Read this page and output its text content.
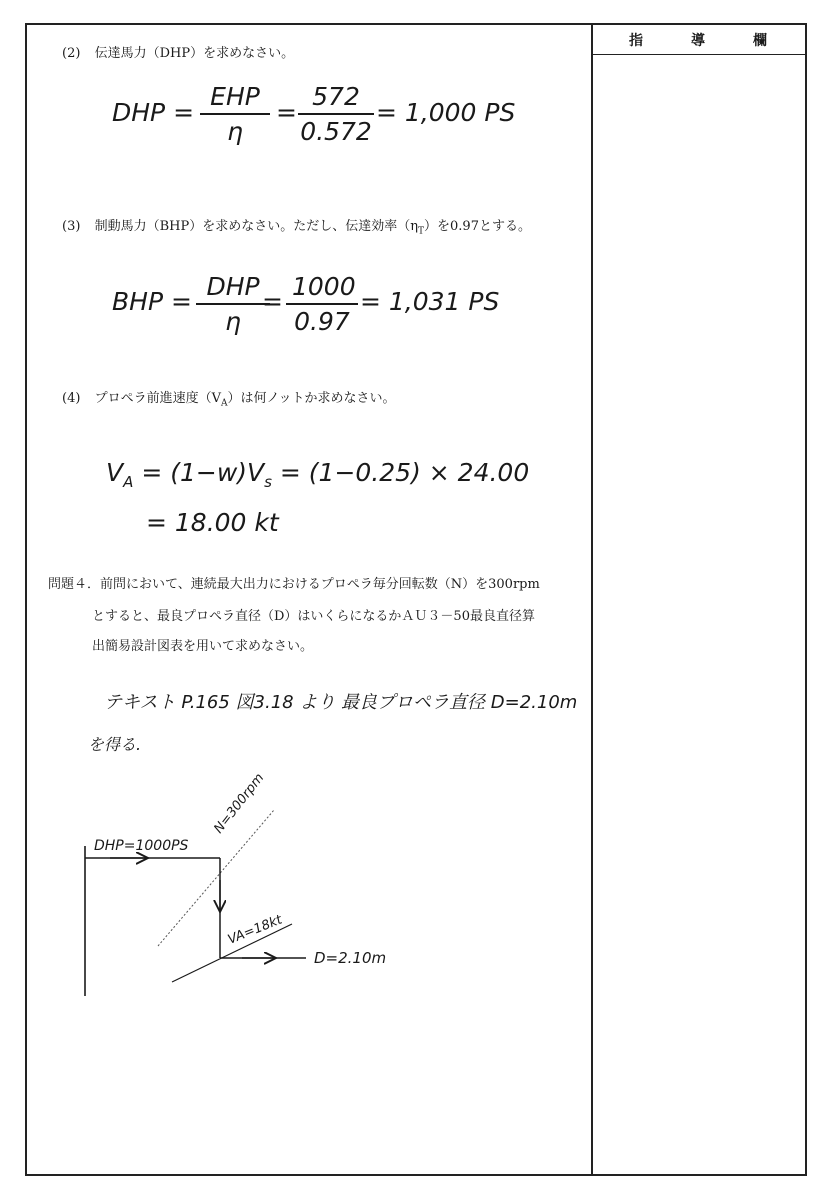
指	導	欄
(2) 伝達馬力（DHP）を求めなさい。
DHP =
EHP
η
=
572
0.572
= 1,000 PS
(3) 制動馬力（BHP）を求めなさい。ただし、伝達効率$(\eta_T)$を0.97とする。
BHP =
DHP
η
=
1000
0.97
= 1,031 PS
(4) プロペラ前進速度$(V_A)$は何ノットか求めなさい。
$V_A = (1-w)V_s = (1-0.25) \times 24.00$
= 18.00 kt
問題４．前問において、連続最大出力におけるプロペラ毎分回転数（N）を300rpm
とすると、最良プロペラ直径（D）はいくらになるかＡＵ３－50最良直径算
出簡易設計図表を用いて求めなさい。
テキスト P.165 図3.18 より 最良プロペラ直径 D=2.10m
を得る.
DHP=1000PS
N=300rpm
VA=18kt
D=2.10m
